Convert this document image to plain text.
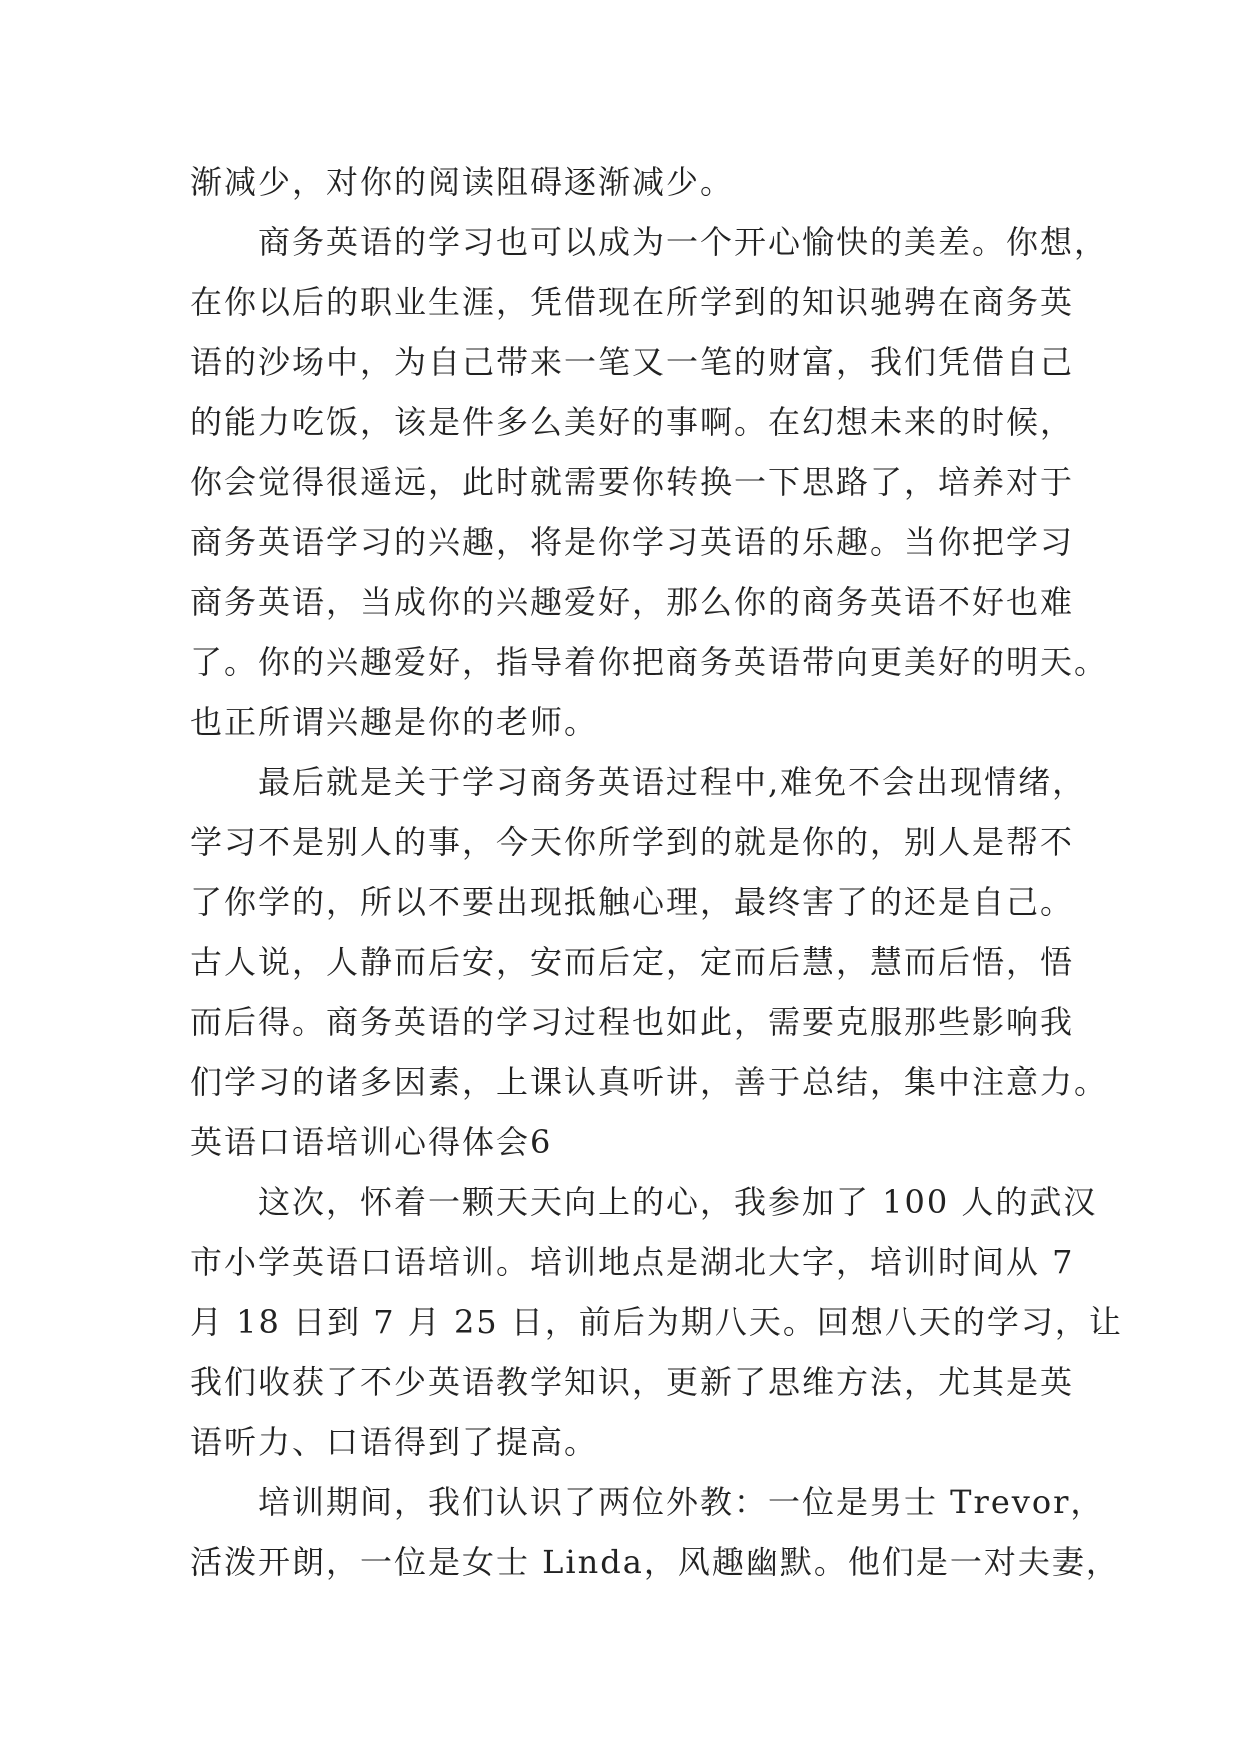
渐减少，对你的阅读阻碍逐渐减少。
商务英语的学习也可以成为一个开心愉快的美差。你想，
在你以后的职业生涯，凭借现在所学到的知识驰骋在商务英
语的沙场中，为自己带来一笔又一笔的财富，我们凭借自己
的能力吃饭，该是件多么美好的事啊。在幻想未来的时候，
你会觉得很遥远，此时就需要你转换一下思路了，培养对于
商务英语学习的兴趣，将是你学习英语的乐趣。当你把学习
商务英语，当成你的兴趣爱好，那么你的商务英语不好也难
了。你的兴趣爱好，指导着你把商务英语带向更美好的明天。
也正所谓兴趣是你的老师。
最后就是关于学习商务英语过程中,难免不会出现情绪，
学习不是别人的事，今天你所学到的就是你的，别人是帮不
了你学的，所以不要出现抵触心理，最终害了的还是自己。
古人说，人静而后安，安而后定，定而后慧，慧而后悟，悟
而后得。商务英语的学习过程也如此，需要克服那些影响我
们学习的诸多因素，上课认真听讲，善于总结，集中注意力。
英语口语培训心得体会6
这次，怀着一颗天天向上的心，我参加了 100 人的武汉
市小学英语口语培训。培训地点是湖北大字，培训时间从 7
月 18 日到 7 月 25 日，前后为期八天。回想八天的学习，让
我们收获了不少英语教学知识，更新了思维方法，尤其是英
语听力、口语得到了提高。
培训期间，我们认识了两位外教：一位是男士 Trevor，
活泼开朗，一位是女士 Linda，风趣幽默。他们是一对夫妻，
